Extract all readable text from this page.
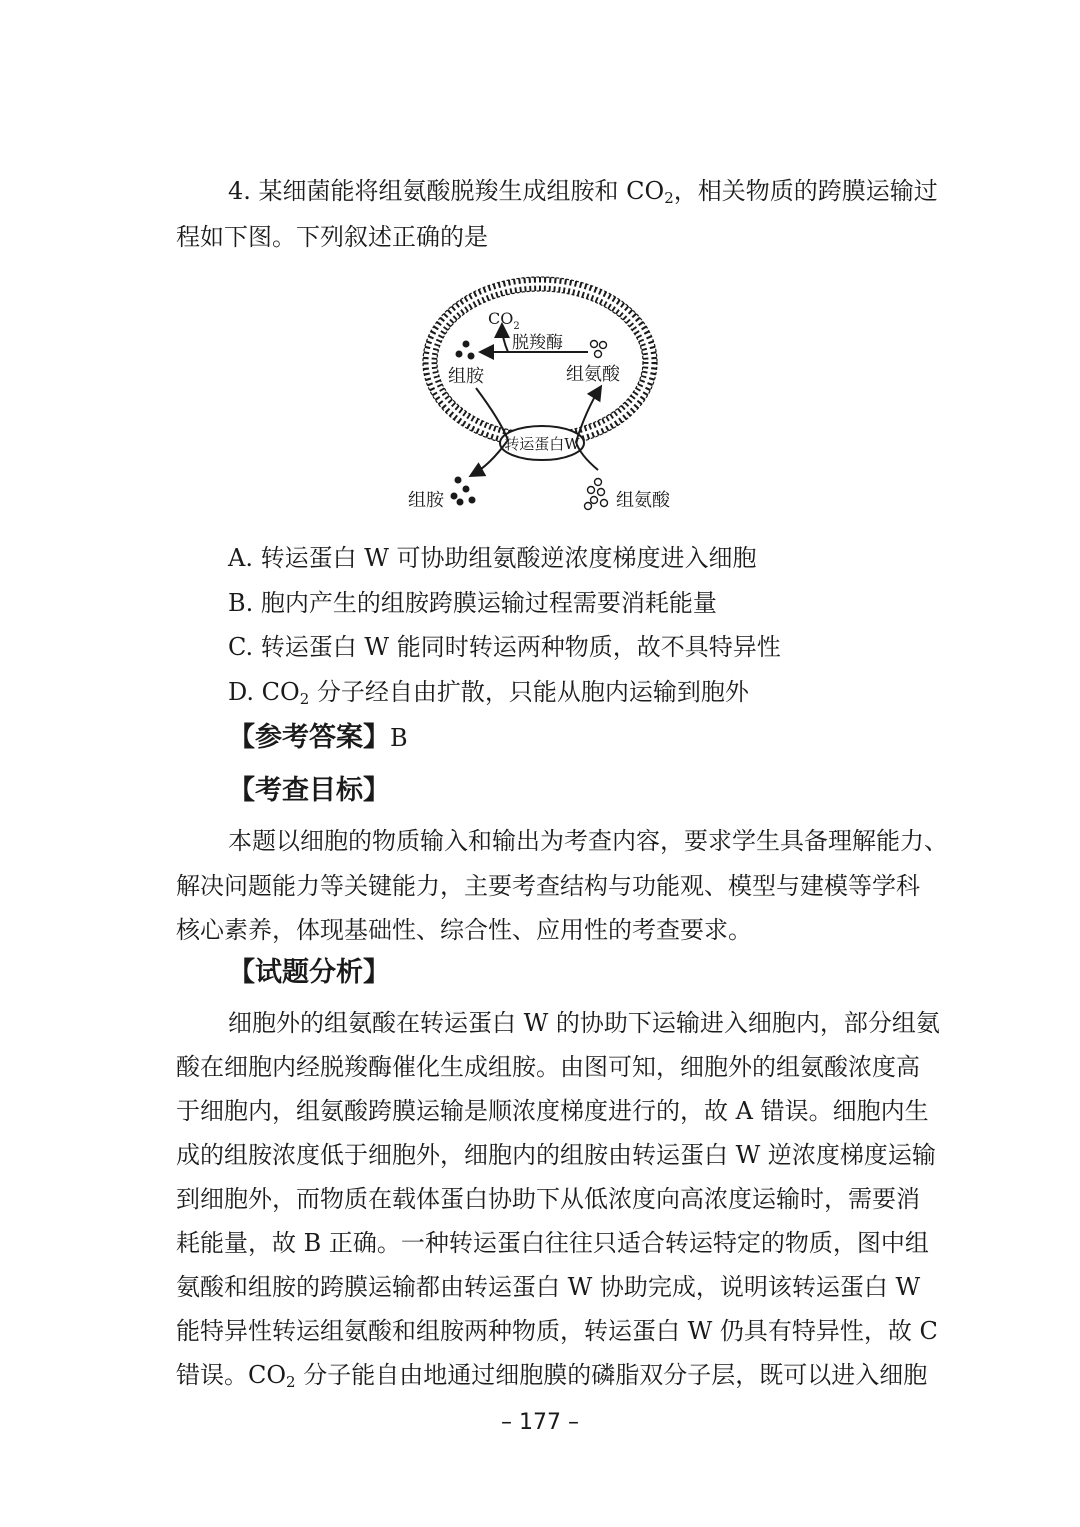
4. 某细菌能将组氨酸脱羧生成组胺和 $CO_2$，相关物质的跨膜运输过
程如下图。下列叙述正确的是
转运蛋白W
$CO_2$
脱羧酶
组胺	组氨酸
组胺	组氨酸
A. 转运蛋白 W 可协助组氨酸逆浓度梯度进入细胞
B. 胞内产生的组胺跨膜运输过程需要消耗能量
C. 转运蛋白 W 能同时转运两种物质，故不具特异性
D. $CO_2$ 分子经自由扩散，只能从胞内运输到胞外
【参考答案】B
【考查目标】
本题以细胞的物质输入和输出为考查内容，要求学生具备理解能力、
解决问题能力等关键能力，主要考查结构与功能观、模型与建模等学科
核心素养，体现基础性、综合性、应用性的考查要求。
【试题分析】
细胞外的组氨酸在转运蛋白 W 的协助下运输进入细胞内，部分组氨
酸在细胞内经脱羧酶催化生成组胺。由图可知，细胞外的组氨酸浓度高
于细胞内，组氨酸跨膜运输是顺浓度梯度进行的，故 A 错误。细胞内生
成的组胺浓度低于细胞外，细胞内的组胺由转运蛋白 W 逆浓度梯度运输
到细胞外，而物质在载体蛋白协助下从低浓度向高浓度运输时，需要消
耗能量，故 B 正确。一种转运蛋白往往只适合转运特定的物质，图中组
氨酸和组胺的跨膜运输都由转运蛋白 W 协助完成，说明该转运蛋白 W
能特异性转运组氨酸和组胺两种物质，转运蛋白 W 仍具有特异性，故 C
错误。$CO_2$ 分子能自由地通过细胞膜的磷脂双分子层，既可以进入细胞
– 177 –
